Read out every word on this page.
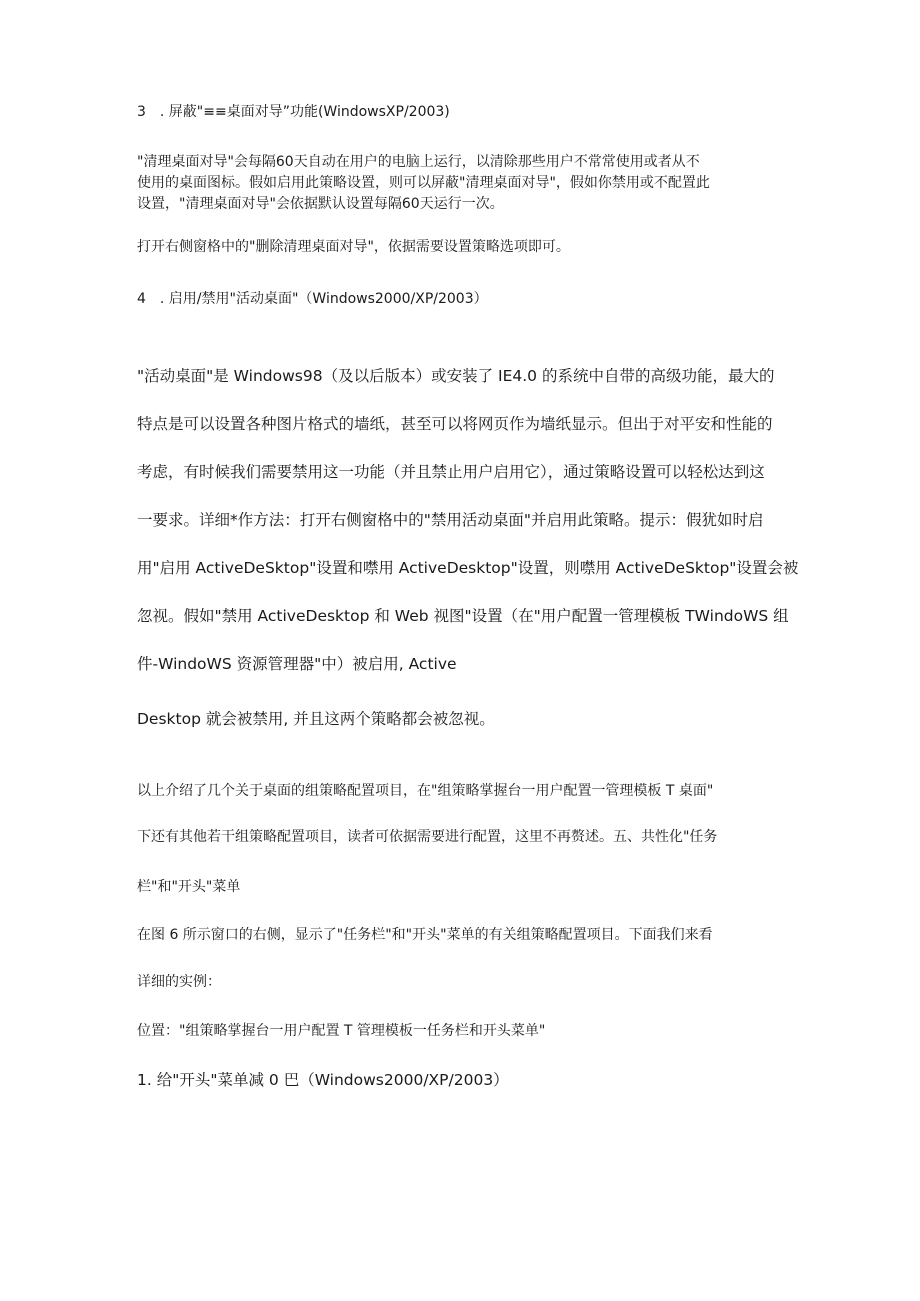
3　. 屏蔽"≡≡桌面对导”功能(WindowsXP/2003)
"清理桌面对导"会每隔60天自动在用户的电脑上运行，以清除那些用户不常常使用或者从不
使用的桌面图标。假如启用此策略设置，则可以屏蔽"清理桌面对导"，假如你禁用或不配置此
设置，"清理桌面对导"会依据默认设置每隔60天运行一次。
打开右侧窗格中的"删除清理桌面对导"，依据需要设置策略选项即可。
4　. 启用/禁用"活动桌面"（Windows2000/XP/2003）
"活动桌面"是 Windows98（及以后版本）或安装了 IE4.0 的系统中自带的高级功能，最大的
特点是可以设置各种图片格式的墙纸，甚至可以将网页作为墙纸显示。但出于对平安和性能的
考虑，有时候我们需要禁用这一功能（并且禁止用户启用它），通过策略设置可以轻松达到这
一要求。详细*作方法：打开右侧窗格中的"禁用活动桌面"并启用此策略。提示：假犹如时启
用"启用 ActiveDeSktop"设置和噤用 ActiveDesktop"设置，则噤用 ActiveDeSktop"设置会被
忽视。假如"禁用 ActiveDesktop 和 Web 视图"设置（在"用户配置一管理模板 TWindoWS 组
件-WindoWS 资源管理器"中）被启用, Active
Desktop 就会被禁用, 并且这两个策略都会被忽视。
以上介绍了几个关于桌面的组策略配置项目，在"组策略掌握台一用户配置一管理模板 T 桌面"
下还有其他若干组策略配置项目，读者可依据需要进行配置，这里不再赘述。五、共性化"任务
栏"和"开头"菜单
在图 6 所示窗口的右侧，显示了"任务栏"和"开头"菜单的有关组策略配置项目。下面我们来看
详细的实例：
位置："组策略掌握台一用户配置 T 管理模板一任务栏和开头菜单"
1. 给"开头"菜单减 0 巴（Windows2000/XP/2003）
